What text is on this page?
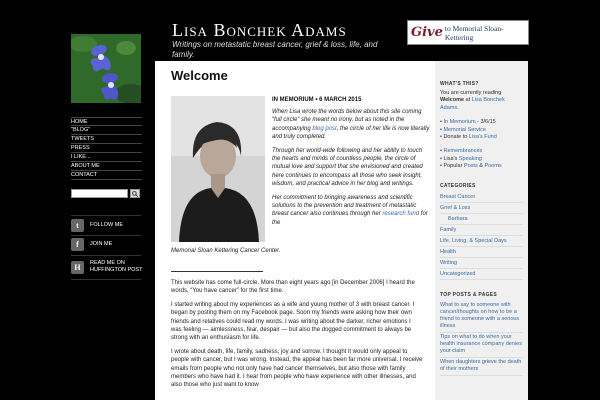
Lisa Bonchek Adams
Writings on metastatic breast cancer, grief & loss, life, and family.
Give to Memorial Sloan-Kettering
HOME
"BLOG"
TWEETS
PRESS
I LIKE...
ABOUT ME
CONTACT
t	FOLLOW ME
f	JOIN ME
H	READ ME ON HUFFINGTON POST
Welcome
IN MEMORIUM • 6 MARCH 2015

When Lisa wrote the words below about this site coming “full circle” she meant no irony, but as noted in the accompanying blog post, the circle of her life is now literally and truly completed.

Through her world-wide following and her ability to touch the hearts and minds of countless people, the circle of mutual love and support that she envisioned and created here continues to encompass all those who seek insight, wisdom, and practical advice in her blog and writings.

Her commitment to bringing awareness and scientific solutions to the prevention and treatment of metastatic breast cancer also continues through her research fund for the

Memorial Sloan Kettering Cancer Center.

This website has come full-circle. More than eight years ago [in December 2006] I heard the words, “You have cancer” for the first time.

I started writing about my experiences as a wife and young mother of 3 with breast cancer. I began by posting them on my Facebook page. Soon my friends were asking how their own friends and relatives could read my words. I was writing about the darker, richer emotions I was feeling — aimlessness, fear, despair — but also the dogged commitment to always be strong with an enthusiasm for life.

I wrote about death, life, family, sadness, joy and sorrow. I thought it would only appeal to people with cancer, but I was wrong. Instead, the appeal has been far more universal. I receive emails from people who not only have had cancer themselves, but also those with family members who have had it. I hear from people who have experience with other illnesses, and also those who just want to know

WHAT'S THIS?
You are currently reading Welcome at Lisa Bonchek Adams.
• In Memorium - 3/6/15
• Memorial Service
• Donate to Lisa's Fund
• Remembrances
• Lisa's Speaking
• Popular Posts & Poems
CATEGORIES
Breast Cancer
Grief & Loss
Barbara
Family
Life, Living, & Special Days
Health
Writing
Uncategorized
TOP POSTS & PAGES
What to say to someone with cancer/thoughts on how to be a friend to someone with a serious illness
Tips on what to do when your health insurance company denies your claim
When daughters grieve the death of their mothers
